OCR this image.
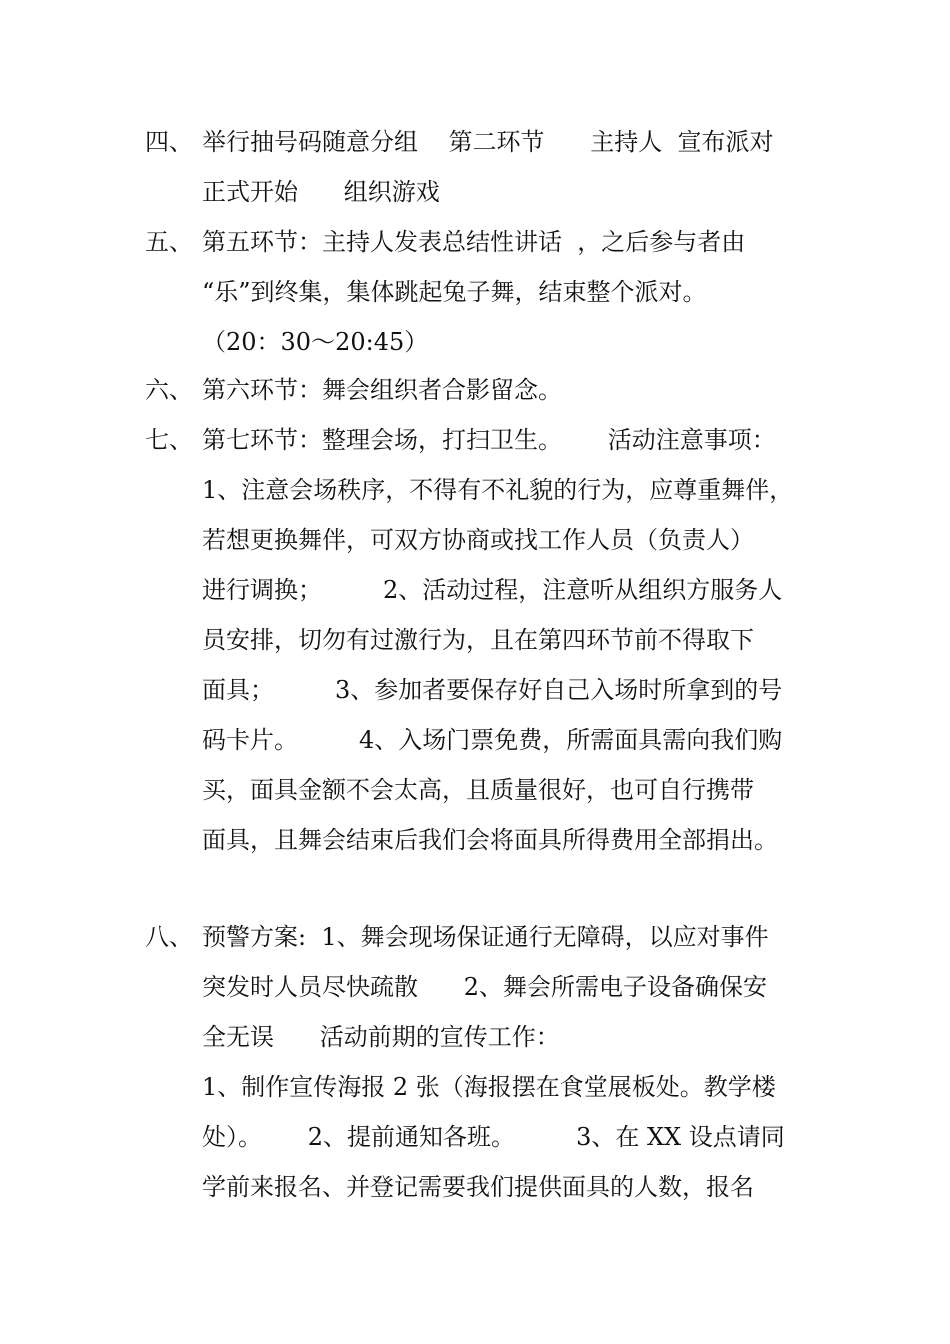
四、 举行抽号码随意分组    第二环节      主持人  宣布派对
正式开始      组织游戏
五、 第五环节：主持人发表总结性讲话  ，之后参与者由
“乐”到终集，集体跳起兔子舞，结束整个派对。
（20：30～20:45）
六、 第六环节：舞会组织者合影留念。
七、 第七环节：整理会场，打扫卫生。      活动注意事项：
1、注意会场秩序，不得有不礼貌的行为，应尊重舞伴，
若想更换舞伴，可双方协商或找工作人员（负责人）
进行调换；        2、活动过程，注意听从组织方服务人
员安排，切勿有过激行为，且在第四环节前不得取下
面具；        3、参加者要保存好自己入场时所拿到的号
码卡片。        4、入场门票免费，所需面具需向我们购
买，面具金额不会太高，且质量很好，也可自行携带
面具，且舞会结束后我们会将面具所得费用全部捐出。
八、 预警方案:  1、舞会现场保证通行无障碍，以应对事件
突发时人员尽快疏散      2、舞会所需电子设备确保安
全无误      活动前期的宣传工作：
1、制作宣传海报 2 张（海报摆在食堂展板处。教学楼
处）。      2、提前通知各班。        3、在 XX 设点请同
学前来报名、并登记需要我们提供面具的人数，报名
